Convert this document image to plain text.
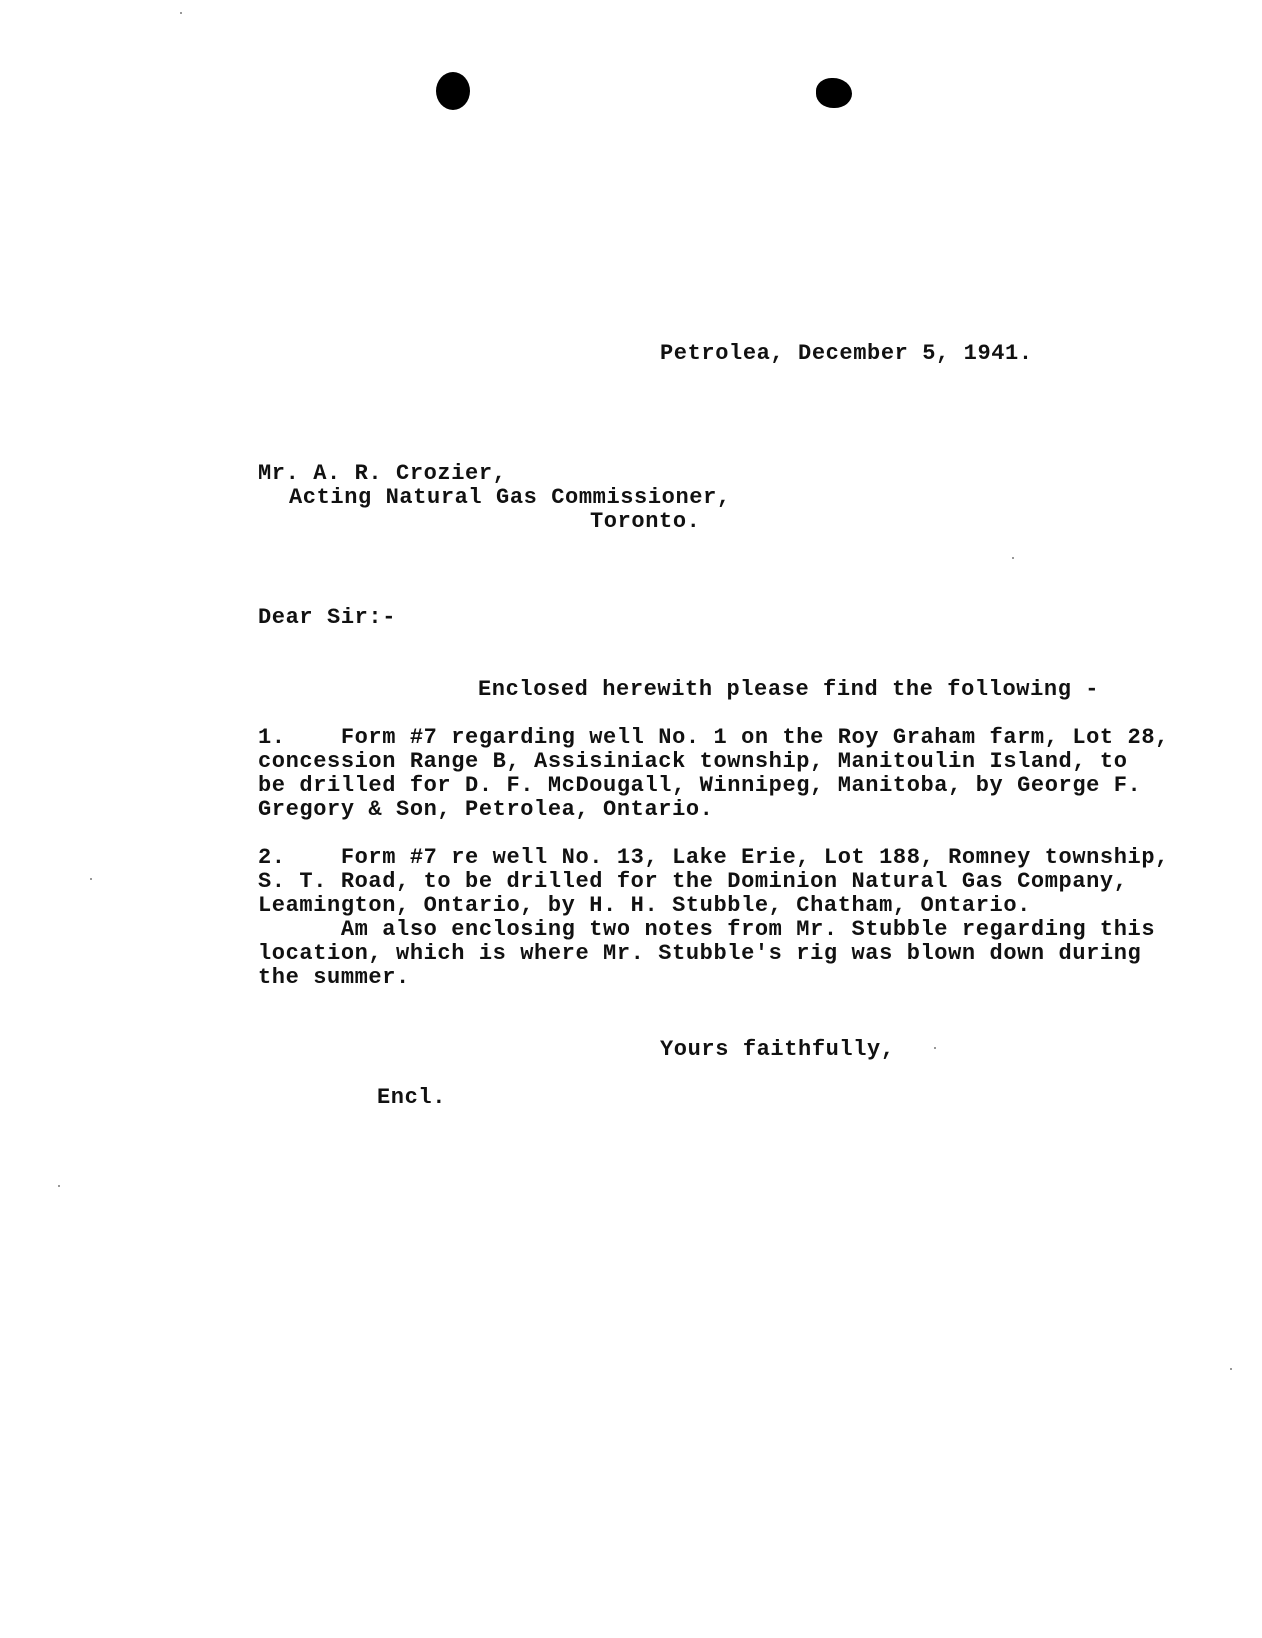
Petrolea, December 5, 1941.
Mr. A. R. Crozier,
Acting Natural Gas Commissioner,
Toronto.
Dear Sir:-
Enclosed herewith please find the following -
1.    Form #7 regarding well No. 1 on the Roy Graham farm, Lot 28,
concession Range B, Assisiniack township, Manitoulin Island, to
be drilled for D. F. McDougall, Winnipeg, Manitoba, by George F.
Gregory & Son, Petrolea, Ontario.
2.    Form #7 re well No. 13, Lake Erie, Lot 188, Romney township,
S. T. Road, to be drilled for the Dominion Natural Gas Company,
Leamington, Ontario, by H. H. Stubble, Chatham, Ontario.
Am also enclosing two notes from Mr. Stubble regarding this
location, which is where Mr. Stubble's rig was blown down during
the summer.
Yours faithfully,
Encl.
